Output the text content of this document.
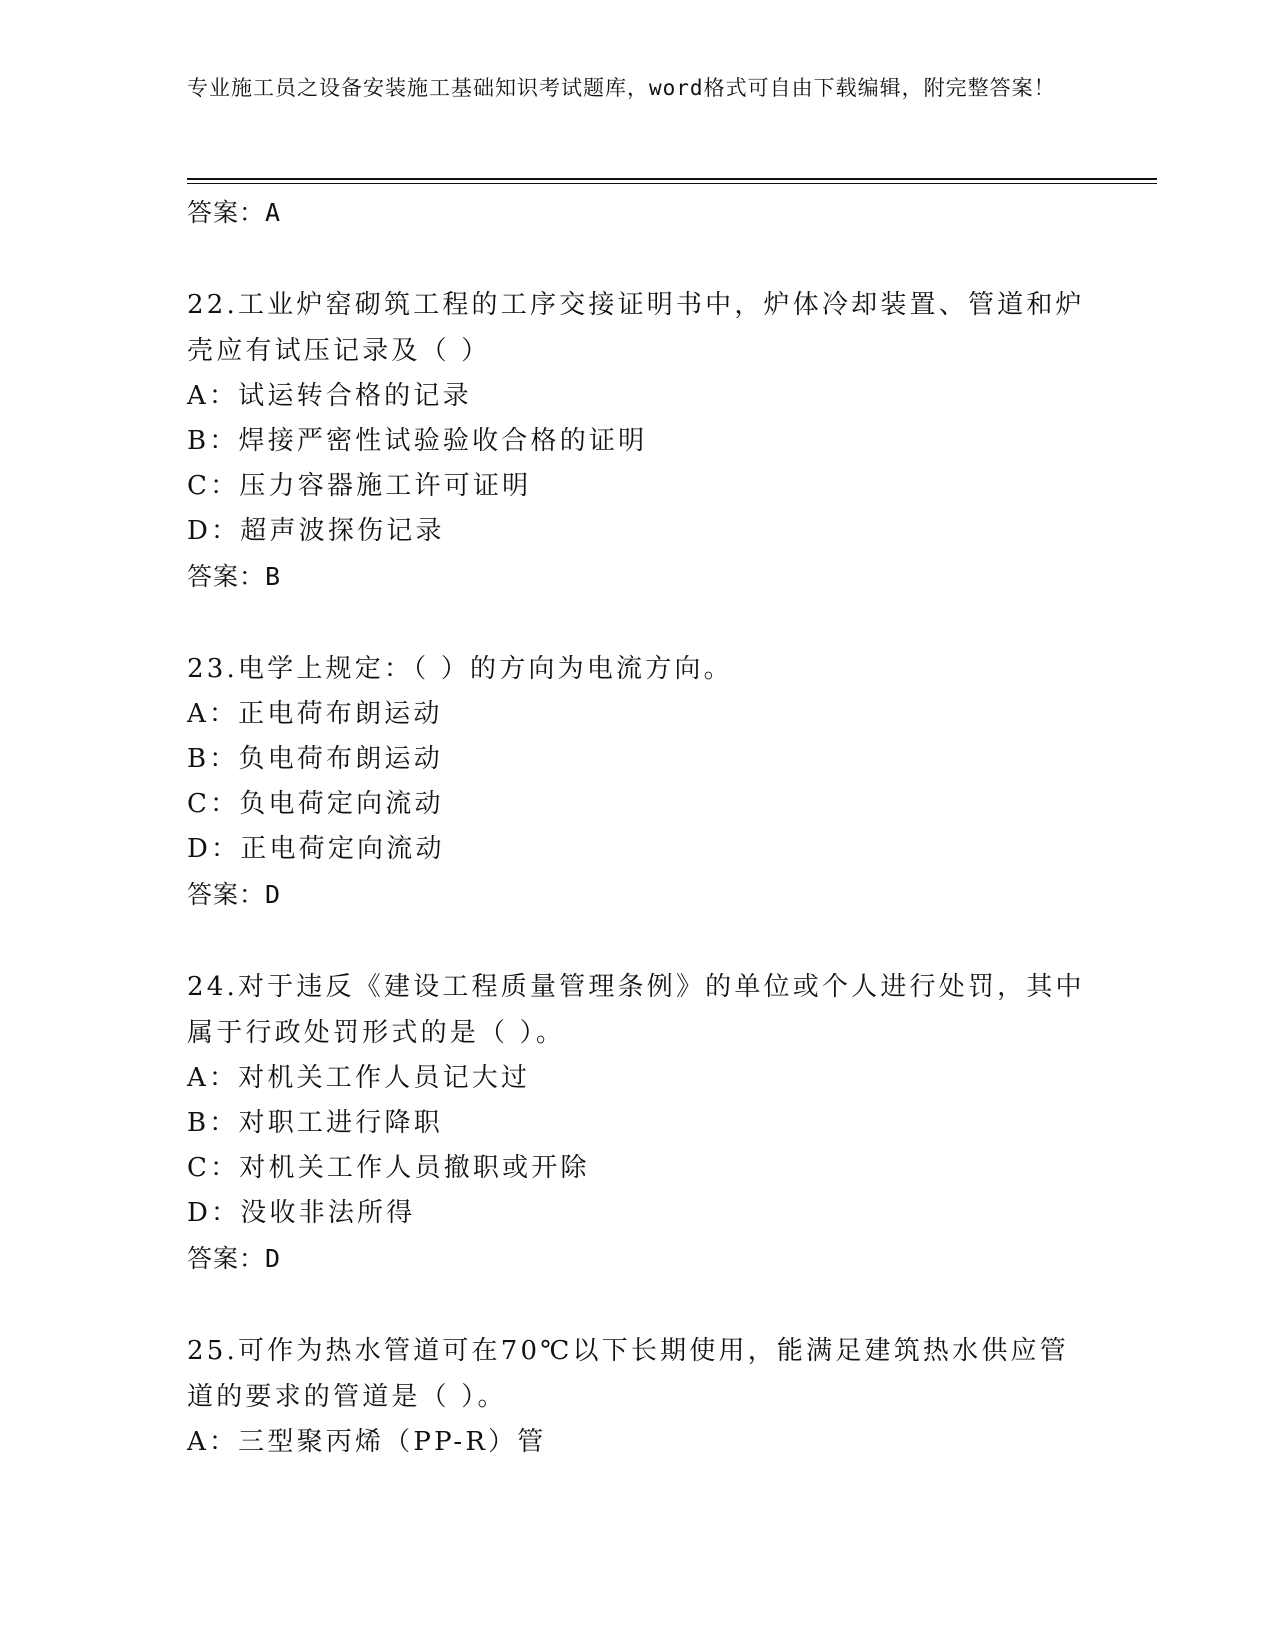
专业施工员之设备安装施工基础知识考试题库，word格式可自由下载编辑，附完整答案！
答案：A
22.工业炉窑砌筑工程的工序交接证明书中，炉体冷却装置、管道和炉壳应有试压记录及（ ）
A：试运转合格的记录
B：焊接严密性试验验收合格的证明
C：压力容器施工许可证明
D：超声波探伤记录
答案：B
23.电学上规定：（ ）的方向为电流方向。
A：正电荷布朗运动
B：负电荷布朗运动
C：负电荷定向流动
D：正电荷定向流动
答案：D
24.对于违反《建设工程质量管理条例》的单位或个人进行处罚，其中属于行政处罚形式的是（ ）。
A：对机关工作人员记大过
B：对职工进行降职
C：对机关工作人员撤职或开除
D：没收非法所得
答案：D
25.可作为热水管道可在70℃以下长期使用，能满足建筑热水供应管道的要求的管道是（ ）。
A：三型聚丙烯（PP-R）管
